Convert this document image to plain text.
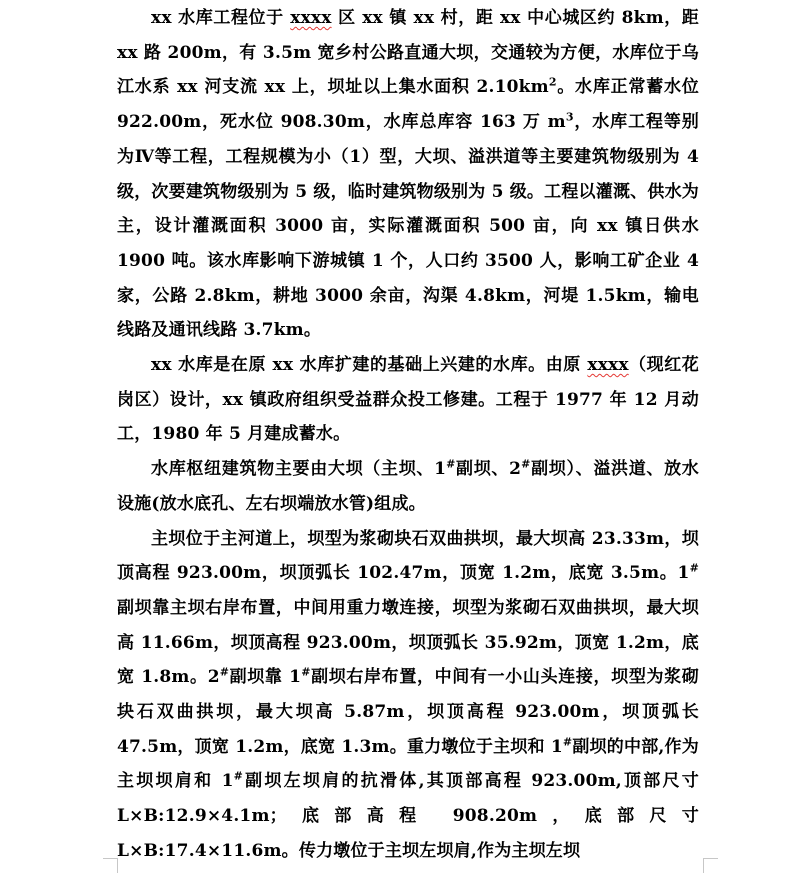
xx 水库工程位于 xxxx 区 xx 镇 xx 村，距 xx 中心城区约 8km，距 xx 路 200m，有 3.5m 宽乡村公路直通大坝，交通较为方便，水库位于乌江水系 xx 河支流 xx 上，坝址以上集水面积 $2.10km^2$。水库正常蓄水位 922.00m，死水位 908.30m，水库总库容 163 万 $m^3$，水库工程等别为Ⅳ等工程，工程规模为小（1）型，大坝、溢洪道等主要建筑物级别为 4 级，次要建筑物级别为 5 级，临时建筑物级别为 5 级。工程以灌溉、供水为主，设计灌溉面积 3000 亩，实际灌溉面积 500 亩，向 xx 镇日供水 1900 吨。该水库影响下游城镇 1 个，人口约 3500 人，影响工矿企业 4 家，公路 2.8km，耕地 3000 余亩，沟渠 4.8km，河堤 1.5km，输电线路及通讯线路 3.7km。

xx 水库是在原 xx 水库扩建的基础上兴建的水库。由原 xxxx（现红花岗区）设计，xx 镇政府组织受益群众投工修建。工程于 1977 年 12 月动工，1980 年 5 月建成蓄水。

水库枢纽建筑物主要由大坝（主坝、1#副坝、2#副坝）、溢洪道、放水设施(放水底孔、左右坝端放水管)组成。

主坝位于主河道上，坝型为浆砌块石双曲拱坝，最大坝高 23.33m，坝顶高程 923.00m，坝顶弧长 102.47m，顶宽 1.2m，底宽 3.5m。1#副坝靠主坝右岸布置，中间用重力墩连接，坝型为浆砌石双曲拱坝，最大坝高 11.66m，坝顶高程 923.00m，坝顶弧长 35.92m，顶宽 1.2m，底宽 1.8m。2#副坝靠 1#副坝右岸布置，中间有一小山头连接，坝型为浆砌块石双曲拱坝，最大坝高 5.87m，坝顶高程 923.00m，坝顶弧长 47.5m，顶宽 1.2m，底宽 1.3m。重力墩位于主坝和 1#副坝的中部,作为主坝坝肩和 1#副坝左坝肩的抗滑体,其顶部高程 923.00m,顶部尺寸 L×B:12.9×4.1m；底部高程 908.20m，底部尺寸 L×B:17.4×11.6m。传力墩位于主坝左坝肩,作为主坝左坝
